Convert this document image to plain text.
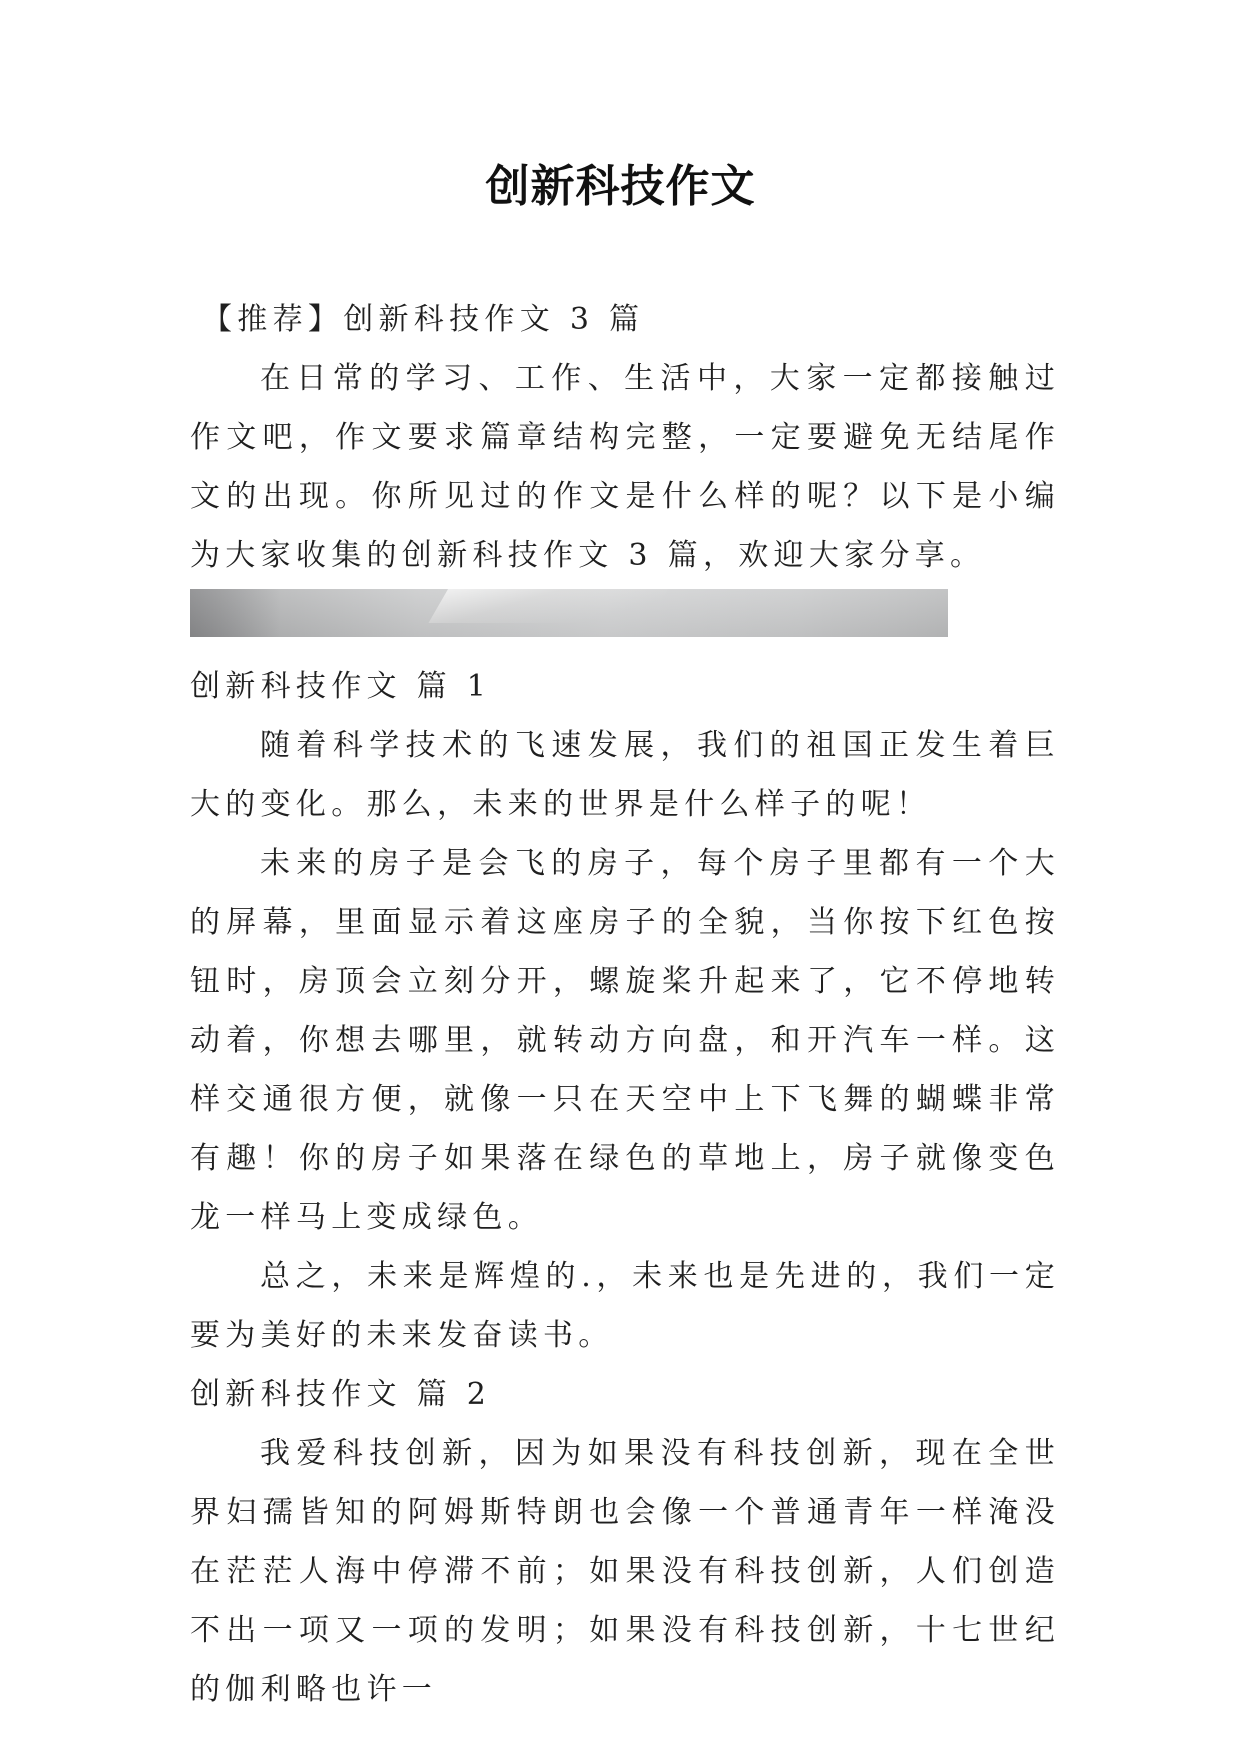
创新科技作文

【推荐】创新科技作文 3 篇

在日常的学习、工作、生活中，大家一定都接触过作文吧，作文要求篇章结构完整，一定要避免无结尾作文的出现。你所见过的作文是什么样的呢？以下是小编为大家收集的创新科技作文 3 篇，欢迎大家分享。

创新科技作文 篇 1

随着科学技术的飞速发展，我们的祖国正发生着巨大的变化。那么，未来的世界是什么样子的呢！

未来的房子是会飞的房子，每个房子里都有一个大的屏幕，里面显示着这座房子的全貌，当你按下红色按钮时，房顶会立刻分开，螺旋桨升起来了，它不停地转动着，你想去哪里，就转动方向盘，和开汽车一样。这样交通很方便，就像一只在天空中上下飞舞的蝴蝶非常有趣！你的房子如果落在绿色的草地上，房子就像变色龙一样马上变成绿色。

总之，未来是辉煌的.，未来也是先进的，我们一定要为美好的未来发奋读书。

创新科技作文 篇 2

我爱科技创新，因为如果没有科技创新，现在全世界妇孺皆知的阿姆斯特朗也会像一个普通青年一样淹没在茫茫人海中停滞不前；如果没有科技创新，人们创造不出一项又一项的发明；如果没有科技创新，十七世纪的伽利略也许一
